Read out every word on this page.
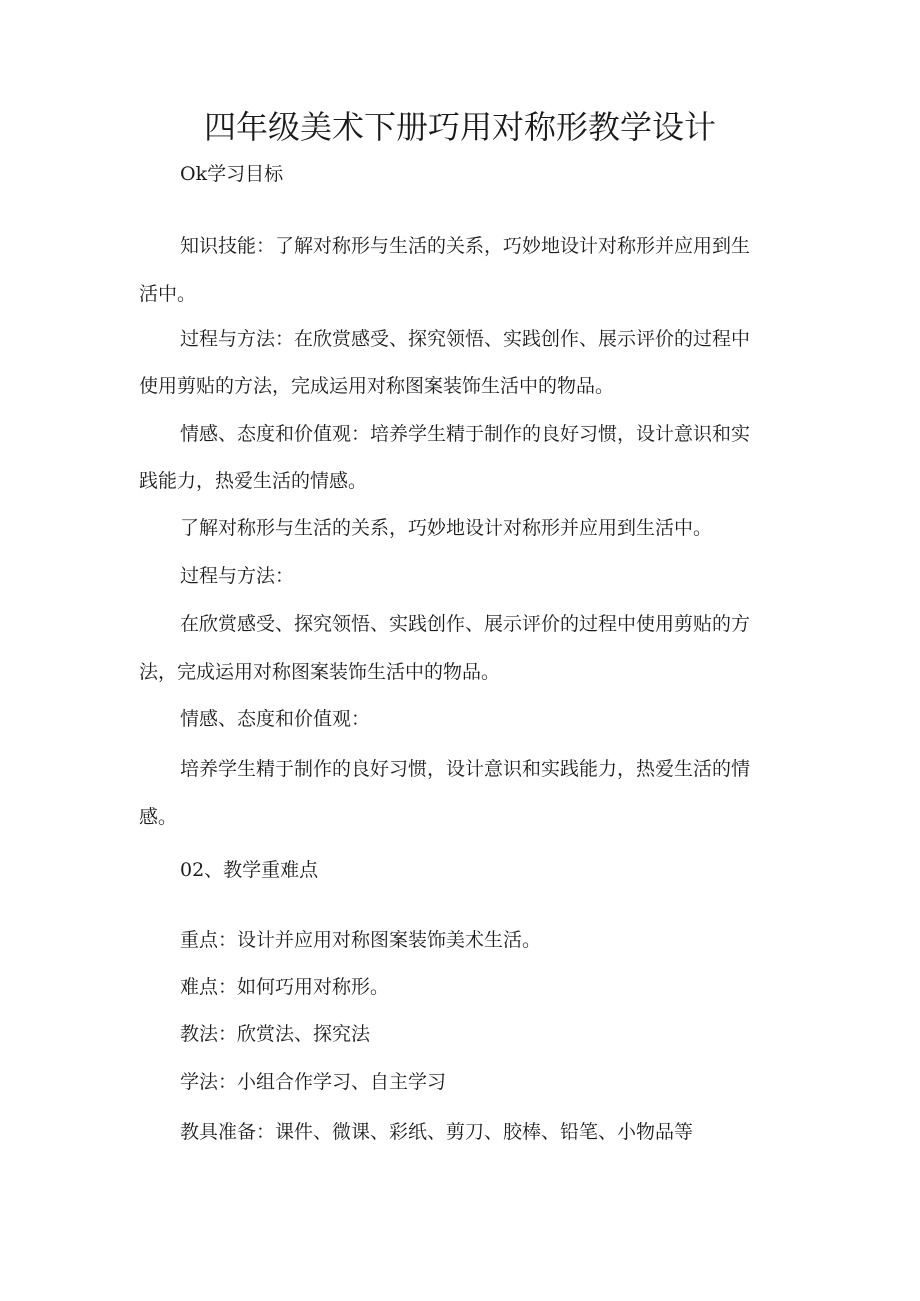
四年级美术下册巧用对称形教学设计
Ok学习目标
知识技能：了解对称形与生活的关系，巧妙地设计对称形并应用到生
活中。
过程与方法：在欣赏感受、探究领悟、实践创作、展示评价的过程中
使用剪贴的方法，完成运用对称图案装饰生活中的物品。
情感、态度和价值观：培养学生精于制作的良好习惯，设计意识和实
践能力，热爱生活的情感。
了解对称形与生活的关系，巧妙地设计对称形并应用到生活中。
过程与方法：
在欣赏感受、探究领悟、实践创作、展示评价的过程中使用剪贴的方
法，完成运用对称图案装饰生活中的物品。
情感、态度和价值观：
培养学生精于制作的良好习惯，设计意识和实践能力，热爱生活的情
感。
02、教学重难点
重点：设计并应用对称图案装饰美术生活。
难点：如何巧用对称形。
教法：欣赏法、探究法
学法：小组合作学习、自主学习
教具准备：课件、微课、彩纸、剪刀、胶棒、铅笔、小物品等
